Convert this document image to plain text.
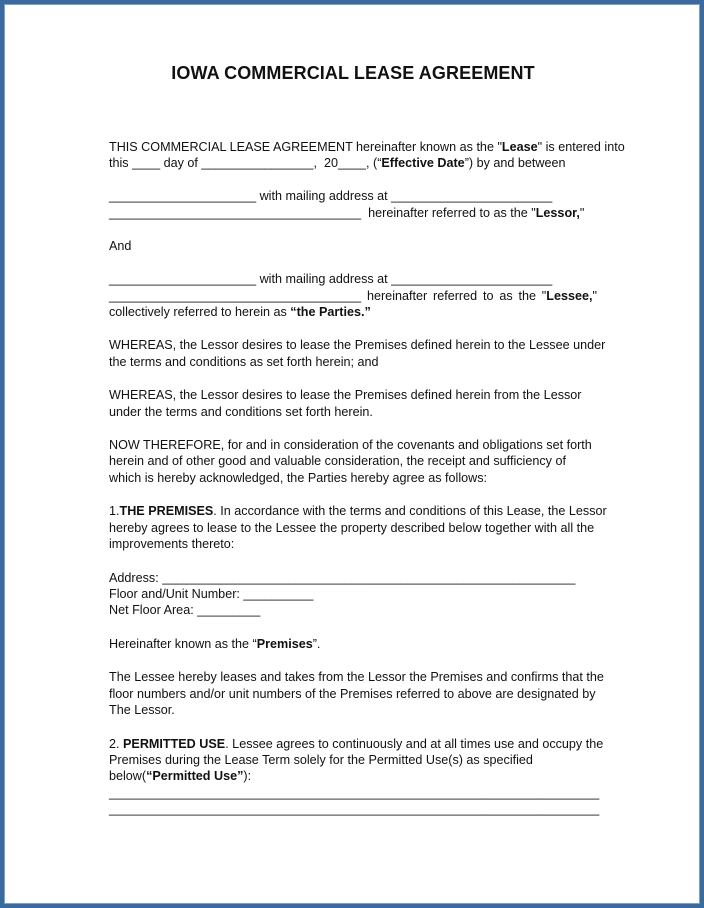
IOWA COMMERCIAL LEASE AGREEMENT
THIS COMMERCIAL LEASE AGREEMENT hereinafter known as the "Lease" is entered into
this ____ day of ________________,  20____, (“Effective Date”) by and between
_____________________ with mailing address at _______________________
____________________________________  hereinafter referred to as the "Lessor,"
And
_____________________ with mailing address at _______________________
____________________________________ hereinafter referred to as the "Lessee,"
collectively referred to herein as “the Parties.”
WHEREAS, the Lessor desires to lease the Premises defined herein to the Lessee under
the terms and conditions as set forth herein; and
WHEREAS, the Lessor desires to lease the Premises defined herein from the Lessor
under the terms and conditions set forth herein.
NOW THEREFORE, for and in consideration of the covenants and obligations set forth
herein and of other good and valuable consideration, the receipt and sufficiency of
which is hereby acknowledged, the Parties hereby agree as follows:
1.THE PREMISES. In accordance with the terms and conditions of this Lease, the Lessor
hereby agrees to lease to the Lessee the property described below together with all the
improvements thereto:
Address: ___________________________________________________________
Floor and/Unit Number: __________
Net Floor Area: _________
Hereinafter known as the “Premises”.
The Lessee hereby leases and takes from the Lessor the Premises and confirms that the
floor numbers and/or unit numbers of the Premises referred to above are designated by
The Lessor.
2. PERMITTED USE. Lessee agrees to continuously and at all times use and occupy the
Premises during the Lease Term solely for the Permitted Use(s) as specified
below(“Permitted Use”):
______________________________________________________________________
______________________________________________________________________
